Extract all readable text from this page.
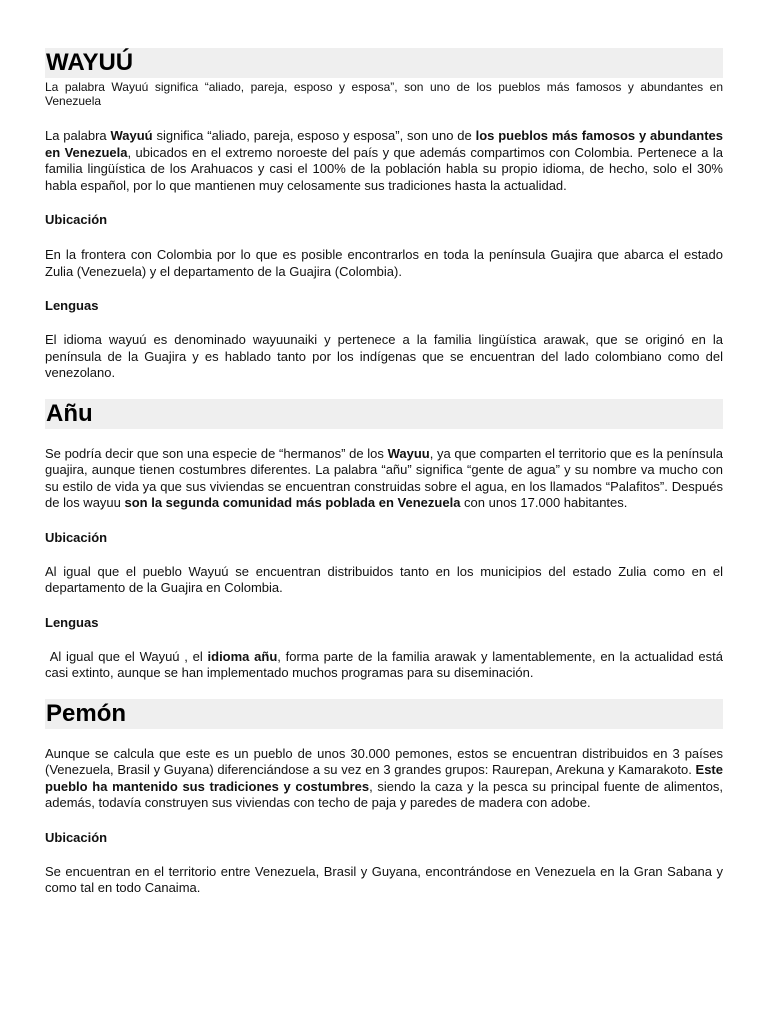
WAYUÚ

La palabra Wayuú significa “aliado, pareja, esposo y esposa”, son uno de los pueblos más famosos y abundantes en Venezuela

La palabra Wayuú significa “aliado, pareja, esposo y esposa”, son uno de los pueblos más famosos y abundantes en Venezuela, ubicados en el extremo noroeste del país y que además compartimos con Colombia. Pertenece a la familia lingüística de los Arahuacos y casi el 100% de la población habla su propio idioma, de hecho, solo el 30% habla español, por lo que mantienen muy celosamente sus tradiciones hasta la actualidad.

Ubicación

En la frontera con Colombia por lo que es posible encontrarlos en toda la península Guajira que abarca el estado Zulia (Venezuela) y el departamento de la Guajira (Colombia).

Lenguas

El idioma wayuú es denominado wayuunaiki y pertenece a la familia lingüística arawak, que se originó en la península de la Guajira y es hablado tanto por los indígenas que se encuentran del lado colombiano como del venezolano.

Añu

Se podría decir que son una especie de “hermanos” de los Wayuu, ya que comparten el territorio que es la península guajira, aunque tienen costumbres diferentes. La palabra “añu” significa “gente de agua” y su nombre va mucho con su estilo de vida ya que sus viviendas se encuentran construidas sobre el agua, en los llamados “Palafitos”. Después de los wayuu son la segunda comunidad más poblada en Venezuela con unos 17.000 habitantes.

Ubicación

Al igual que el pueblo Wayuú se encuentran distribuidos tanto en los municipios del estado Zulia como en el departamento de la Guajira en Colombia.

Lenguas

Al igual que el Wayuú , el idioma añu, forma parte de la familia arawak y lamentablemente, en la actualidad está casi extinto, aunque se han implementado muchos programas para su diseminación.

Pemón

Aunque se calcula que este es un pueblo de unos 30.000 pemones, estos se encuentran distribuidos en 3 países (Venezuela, Brasil y Guyana) diferenciándose a su vez en 3 grandes grupos: Raurepan, Arekuna y Kamarakoto. Este pueblo ha mantenido sus tradiciones y costumbres, siendo la caza y la pesca su principal fuente de alimentos, además, todavía construyen sus viviendas con techo de paja y paredes de madera con adobe.

Ubicación

Se encuentran en el territorio entre Venezuela, Brasil y Guyana, encontrándose en Venezuela en la Gran Sabana y como tal en todo Canaima.
